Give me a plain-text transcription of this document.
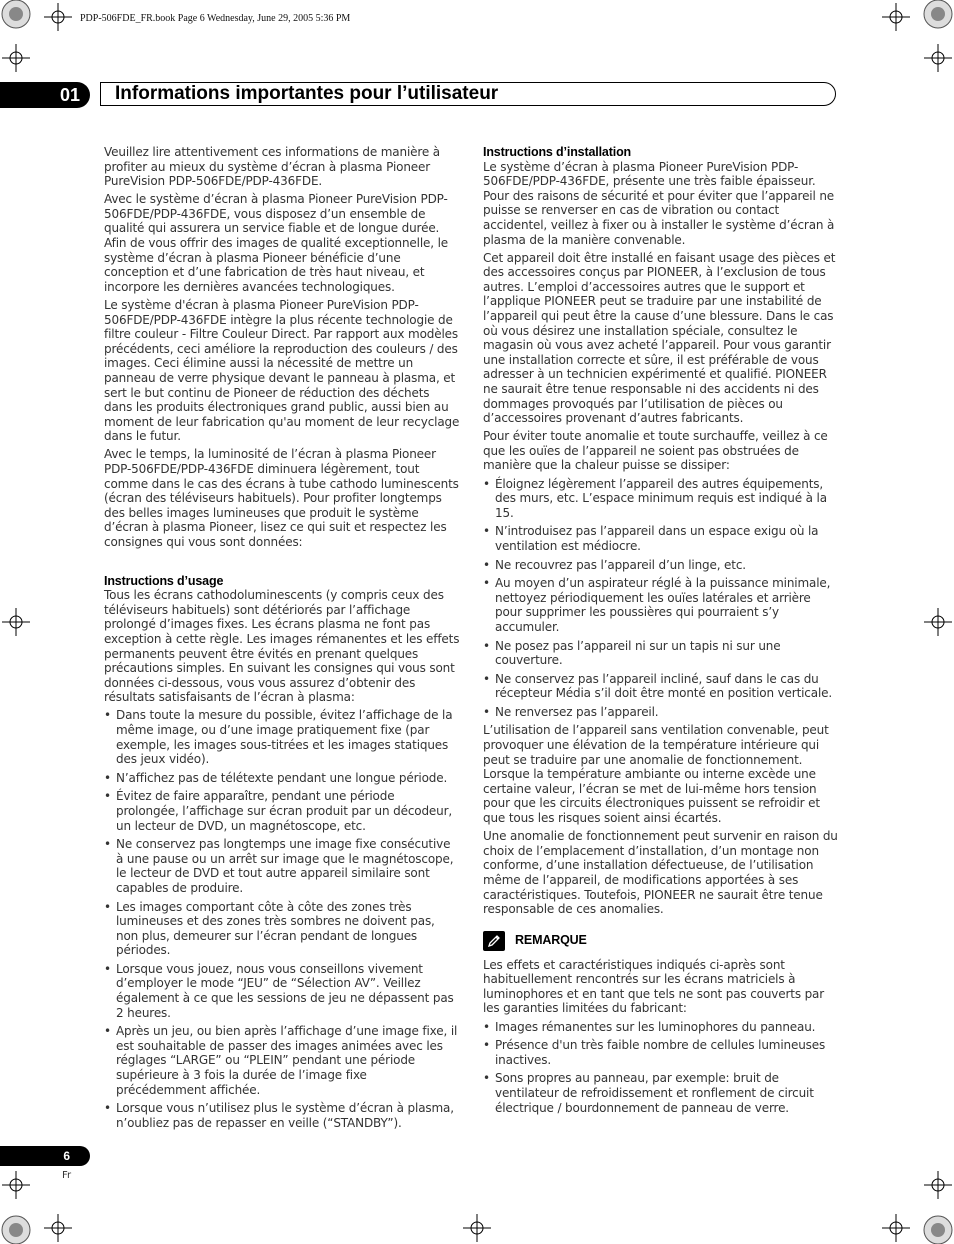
PDP-506FDE_FR.book Page 6 Wednesday, June 29, 2005 5:36 PM
01	Informations importantes pour l’utilisateur

Veuillez lire attentivement ces informations de manière à profiter au mieux du système d’écran à plasma Pioneer PureVision PDP-506FDE/PDP-436FDE.

Avec le système d’écran à plasma Pioneer PureVision PDP-506FDE/PDP-436FDE, vous disposez d’un ensemble de qualité qui assurera un service fiable et de longue durée. Afin de vous offrir des images de qualité exceptionnelle, le système d’écran à plasma Pioneer bénéficie d’une conception et d’une fabrication de très haut niveau, et incorpore les dernières avancées technologiques.

Le système d'écran à plasma Pioneer PureVision PDP-506FDE/PDP-436FDE intègre la plus récente technologie de filtre couleur - Filtre Couleur Direct. Par rapport aux modèles précédents, ceci améliore la reproduction des couleurs / des images. Ceci élimine aussi la nécessité de mettre un panneau de verre physique devant le panneau à plasma, et sert le but continu de Pioneer de réduction des déchets dans les produits électroniques grand public, aussi bien au moment de leur fabrication qu'au moment de leur recyclage dans le futur.

Avec le temps, la luminosité de l’écran à plasma Pioneer PDP-506FDE/PDP-436FDE diminuera légèrement, tout comme dans le cas des écrans à tube cathodo luminescents (écran des téléviseurs habituels). Pour profiter longtemps des belles images lumineuses que produit le système d’écran à plasma Pioneer, lisez ce qui suit et respectez les consignes qui vous sont données:

Instructions d’usage

Tous les écrans cathodoluminescents (y compris ceux des téléviseurs habituels) sont détériorés par l’affichage prolongé d’images fixes. Les écrans plasma ne font pas exception à cette règle. Les images rémanentes et les effets permanents peuvent être évités en prenant quelques précautions simples. En suivant les consignes qui vous sont données ci-dessous, vous vous assurez d’obtenir des résultats satisfaisants de l’écran à plasma:

• Dans toute la mesure du possible, évitez l’affichage de la même image, ou d’une image pratiquement fixe (par exemple, les images sous-titrées et les images statiques des jeux vidéo).
• N’affichez pas de télétexte pendant une longue période.
• Évitez de faire apparaître, pendant une période prolongée, l’affichage sur écran produit par un décodeur, un lecteur de DVD, un magnétoscope, etc.
• Ne conservez pas longtemps une image fixe consécutive à une pause ou un arrêt sur image que le magnétoscope, le lecteur de DVD et tout autre appareil similaire sont capables de produire.
• Les images comportant côte à côte des zones très lumineuses et des zones très sombres ne doivent pas, non plus, demeurer sur l’écran pendant de longues périodes.
• Lorsque vous jouez, nous vous conseillons vivement d’employer le mode “JEU” de “Sélection AV”. Veillez également à ce que les sessions de jeu ne dépassent pas 2 heures.
• Après un jeu, ou bien après l’affichage d’une image fixe, il est souhaitable de passer des images animées avec les réglages “LARGE” ou “PLEIN” pendant une période supérieure à 3 fois la durée de l’image fixe précédemment affichée.
• Lorsque vous n’utilisez plus le système d’écran à plasma, n’oubliez pas de repasser en veille (“STANDBY”).
Instructions d’installation

Le système d’écran à plasma Pioneer PureVision PDP-506FDE/PDP-436FDE, présente une très faible épaisseur. Pour des raisons de sécurité et pour éviter que l’appareil ne puisse se renverser en cas de vibration ou contact accidentel, veillez à fixer ou à installer le système d’écran à plasma de la manière convenable.

Cet appareil doit être installé en faisant usage des pièces et des accessoires conçus par PIONEER, à l’exclusion de tous autres. L’emploi d’accessoires autres que le support et l’applique PIONEER peut se traduire par une instabilité de l’appareil qui peut être la cause d’une blessure. Dans le cas où vous désirez une installation spéciale, consultez le magasin où vous avez acheté l’appareil. Pour vous garantir une installation correcte et sûre, il est préférable de vous adresser à un technicien expérimenté et qualifié. PIONEER ne saurait être tenue responsable ni des accidents ni des dommages provoqués par l’utilisation de pièces ou d’accessoires provenant d’autres fabricants.

Pour éviter toute anomalie et toute surchauffe, veillez à ce que les ouïes de l’appareil ne soient pas obstruées de manière que la chaleur puisse se dissiper:

• Éloignez légèrement l’appareil des autres équipements, des murs, etc. L’espace minimum requis est indiqué à la 15.
• N’introduisez pas l’appareil dans un espace exigu où la ventilation est médiocre.
• Ne recouvrez pas l’appareil d’un linge, etc.
• Au moyen d’un aspirateur réglé à la puissance minimale, nettoyez périodiquement les ouïes latérales et arrière pour supprimer les poussières qui pourraient s’y accumuler.
• Ne posez pas l’appareil ni sur un tapis ni sur une couverture.
• Ne conservez pas l’appareil incliné, sauf dans le cas du récepteur Média s’il doit être monté en position verticale.
• Ne renversez pas l’appareil.

L’utilisation de l’appareil sans ventilation convenable, peut provoquer une élévation de la température intérieure qui peut se traduire par une anomalie de fonctionnement. Lorsque la température ambiante ou interne excède une certaine valeur, l’écran se met de lui-même hors tension pour que les circuits électroniques puissent se refroidir et que tous les risques soient ainsi écartés.

Une anomalie de fonctionnement peut survenir en raison du choix de l’emplacement d’installation, d’un montage non conforme, d’une installation défectueuse, de l’utilisation même de l’appareil, de modifications apportées à ses caractéristiques. Toutefois, PIONEER ne saurait être tenue responsable de ces anomalies.

REMARQUE

Les effets et caractéristiques indiqués ci-après sont habituellement rencontrés sur les écrans matriciels à luminophores et en tant que tels ne sont pas couverts par les garanties limitées du fabricant:

• Images rémanentes sur les luminophores du panneau.
• Présence d'un très faible nombre de cellules lumineuses inactives.
• Sons propres au panneau, par exemple: bruit de ventilateur de refroidissement et ronflement de circuit électrique / bourdonnement de panneau de verre.
6
Fr
